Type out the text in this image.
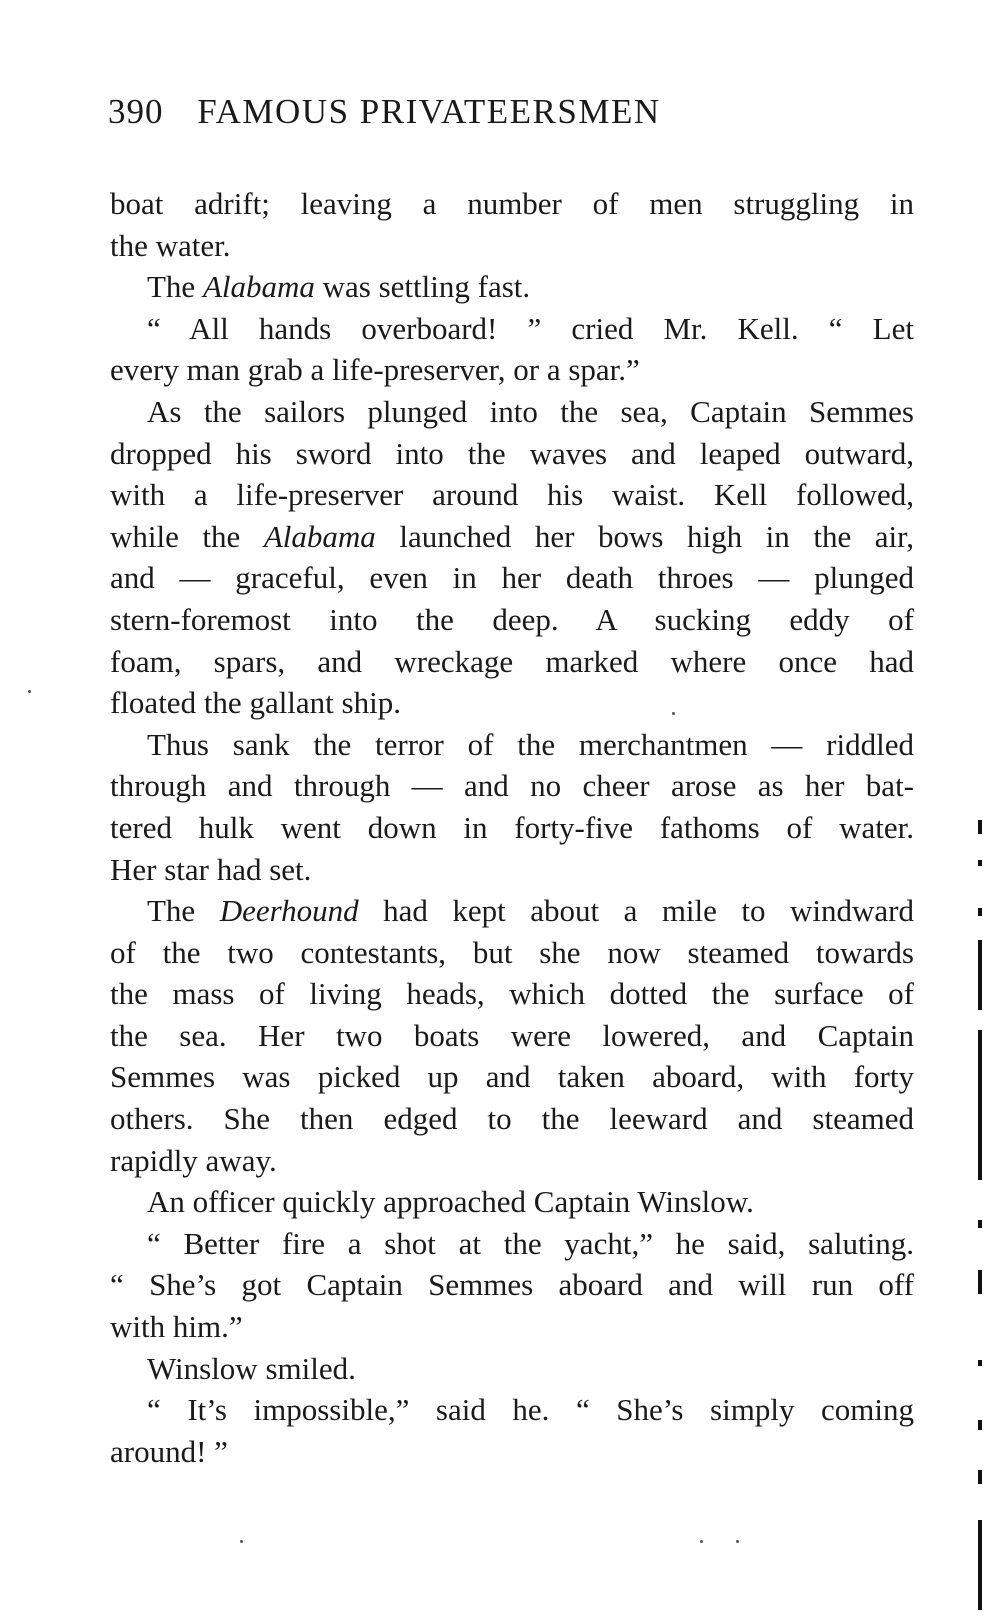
390 FAMOUS PRIVATEERSMEN
boat adrift; leaving a number of men struggling in
the water.
The Alabama was settling fast.
“ All hands overboard! ” cried Mr. Kell. “ Let
every man grab a life-preserver, or a spar.”
As the sailors plunged into the sea, Captain Semmes
dropped his sword into the waves and leaped outward,
with a life-preserver around his waist. Kell followed,
while the Alabama launched her bows high in the air,
and — graceful, even in her death throes — plunged
stern-foremost into the deep. A sucking eddy of
foam, spars, and wreckage marked where once had
floated the gallant ship.
Thus sank the terror of the merchantmen — riddled
through and through — and no cheer arose as her bat-
tered hulk went down in forty-five fathoms of water.
Her star had set.
The Deerhound had kept about a mile to windward
of the two contestants, but she now steamed towards
the mass of living heads, which dotted the surface of
the sea. Her two boats were lowered, and Captain
Semmes was picked up and taken aboard, with forty
others. She then edged to the leeward and steamed
rapidly away.
An officer quickly approached Captain Winslow.
“ Better fire a shot at the yacht,” he said, saluting.
“ She’s got Captain Semmes aboard and will run off
with him.”
Winslow smiled.
“ It’s impossible,” said he. “ She’s simply coming
around! ”
